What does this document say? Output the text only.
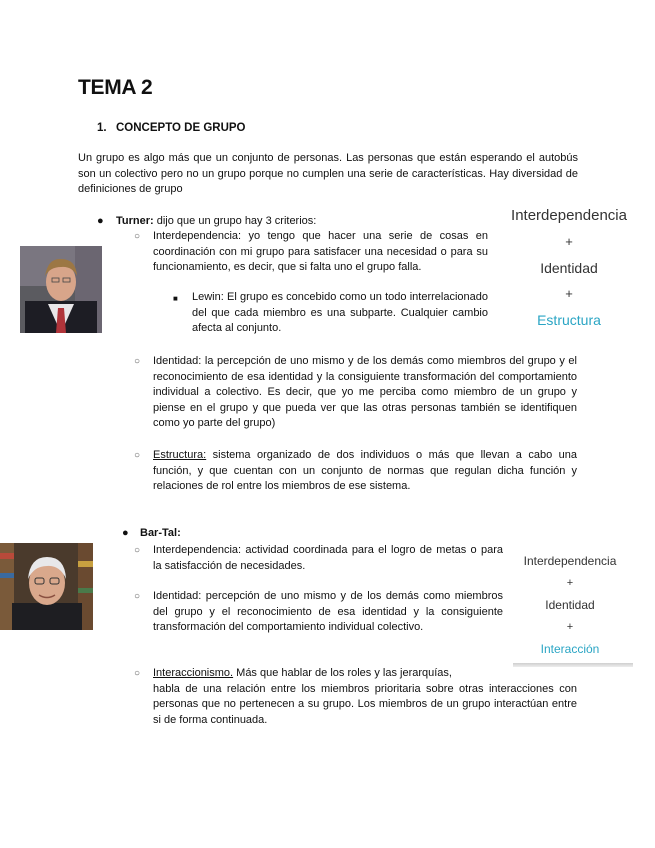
TEMA 2
1. CONCEPTO DE GRUPO
Un grupo es algo más que un conjunto de personas. Las personas que están esperando el autobús son un colectivo pero no un grupo porque no cumplen una serie de características. Hay diversidad de definiciones de grupo
● Turner: dijo que un grupo hay 3 criterios:
○ Interdependencia: yo tengo que hacer una serie de cosas en coordinación con mi grupo para satisfacer una necesidad o para su funcionamiento, es decir, que si falta uno el grupo falla.
■ Lewin: El grupo es concebido como un todo interrelacionado del que cada miembro es una subparte. Cualquier cambio afecta al conjunto.
○ Identidad: la percepción de uno mismo y de los demás como miembros del grupo y el reconocimiento de esa identidad y la consiguiente transformación del comportamiento individual a colectivo. Es decir, que yo me perciba como miembro de un grupo y piense en el grupo y que pueda ver que las otras personas también se identifiquen como yo parte del grupo)
○ Estructura: sistema organizado de dos individuos o más que llevan a cabo una función, y que cuentan con un conjunto de normas que regulan dicha función y relaciones de rol entre los miembros de ese sistema.
Interdependencia
+
Identidad
+
Estructura
● Bar-Tal:
○ Interdependencia: actividad coordinada para el logro de metas o para la satisfacción de necesidades.
○ Identidad: percepción de uno mismo y de los demás como miembros del grupo y el reconocimiento de esa identidad y la consiguiente transformación del comportamiento individual colectivo.
○ Interaccionismo. Más que hablar de los roles y las jerarquías,
habla de una relación entre los miembros prioritaria sobre otras interacciones con personas que no pertenecen a su grupo. Los miembros de un grupo interactúan entre si de forma continuada.
Interdependencia
+
Identidad
+
Interacción
